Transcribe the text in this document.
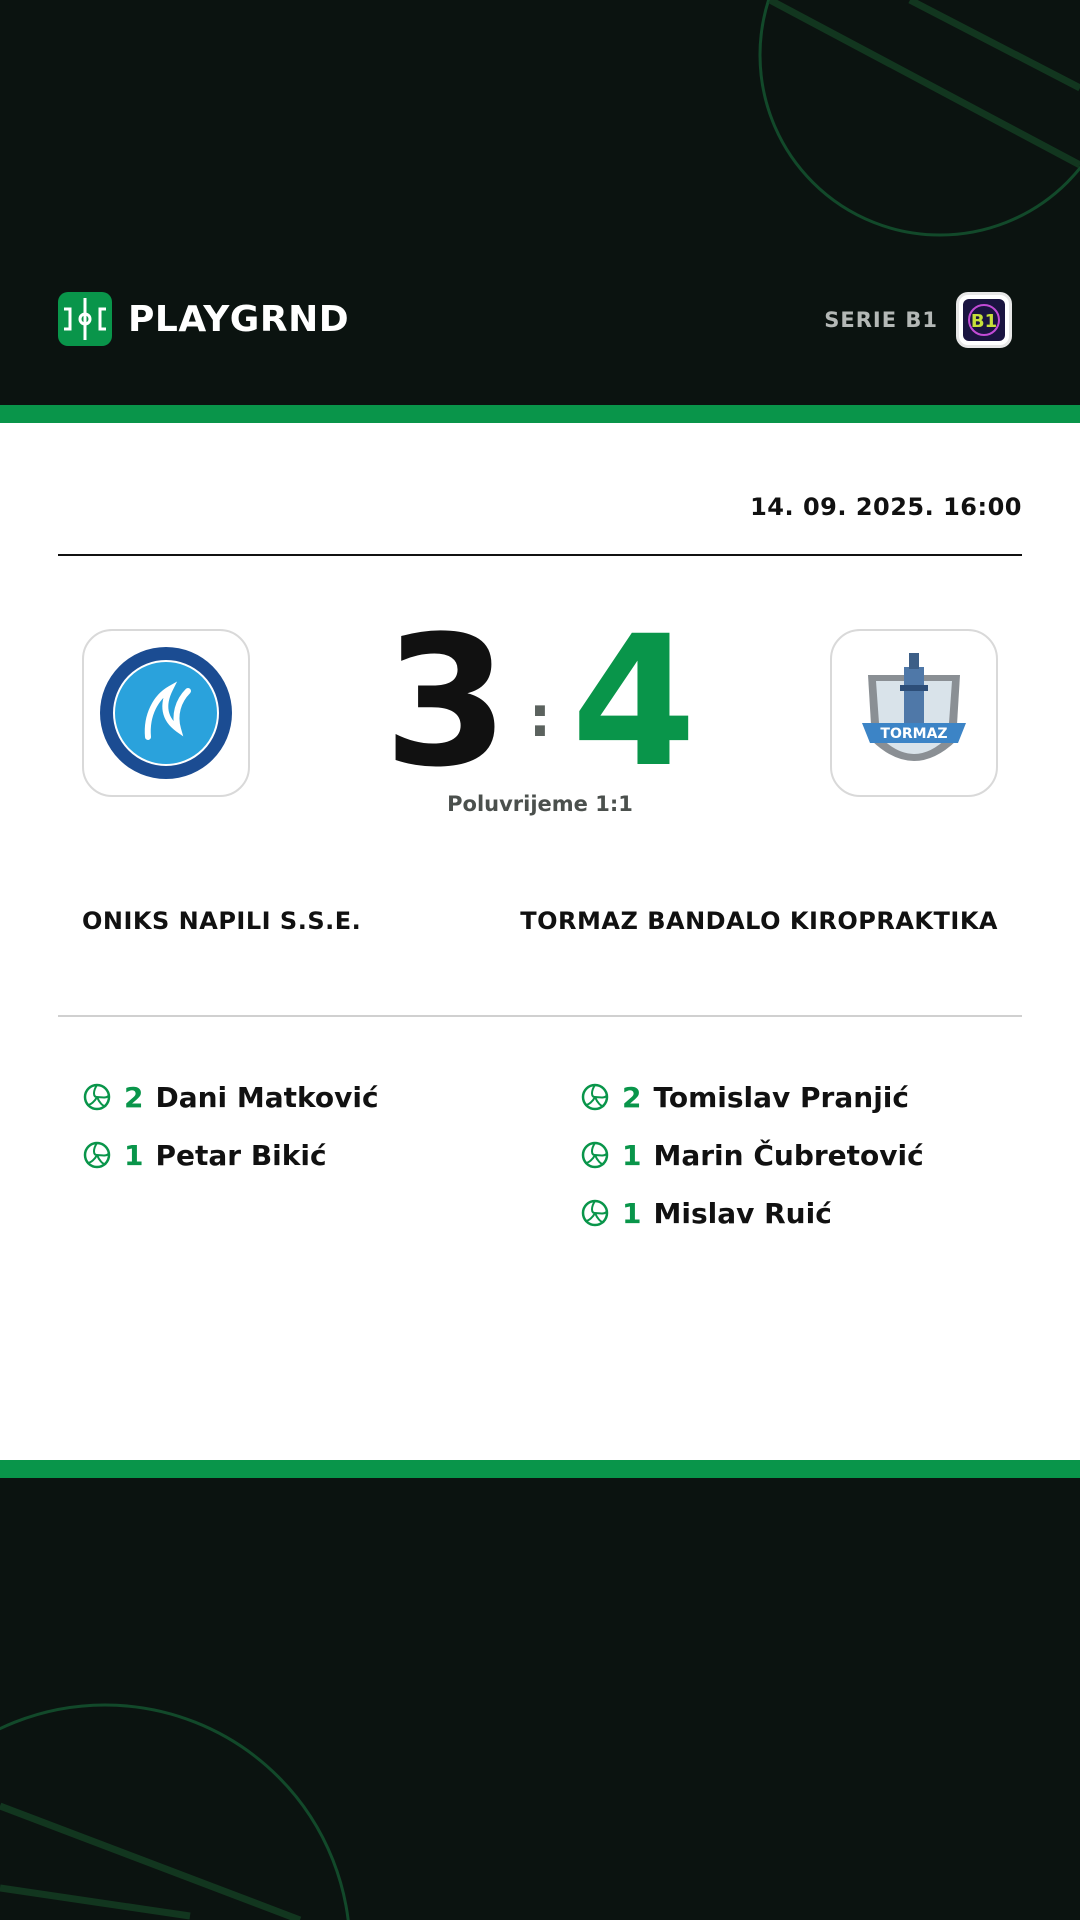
PLAYGRND	SERIE B1 B1
14. 09. 2025. 16:00
3 : 4
Poluvrijeme 1:1
TORMAZ
ONIKS NAPILI S.S.E.	TORMAZ BANDALO KIROPRAKTIKA
2 Dani Matković
1 Petar Bikić
2 Tomislav Pranjić
1 Marin Čubretović
1 Mislav Ruić
